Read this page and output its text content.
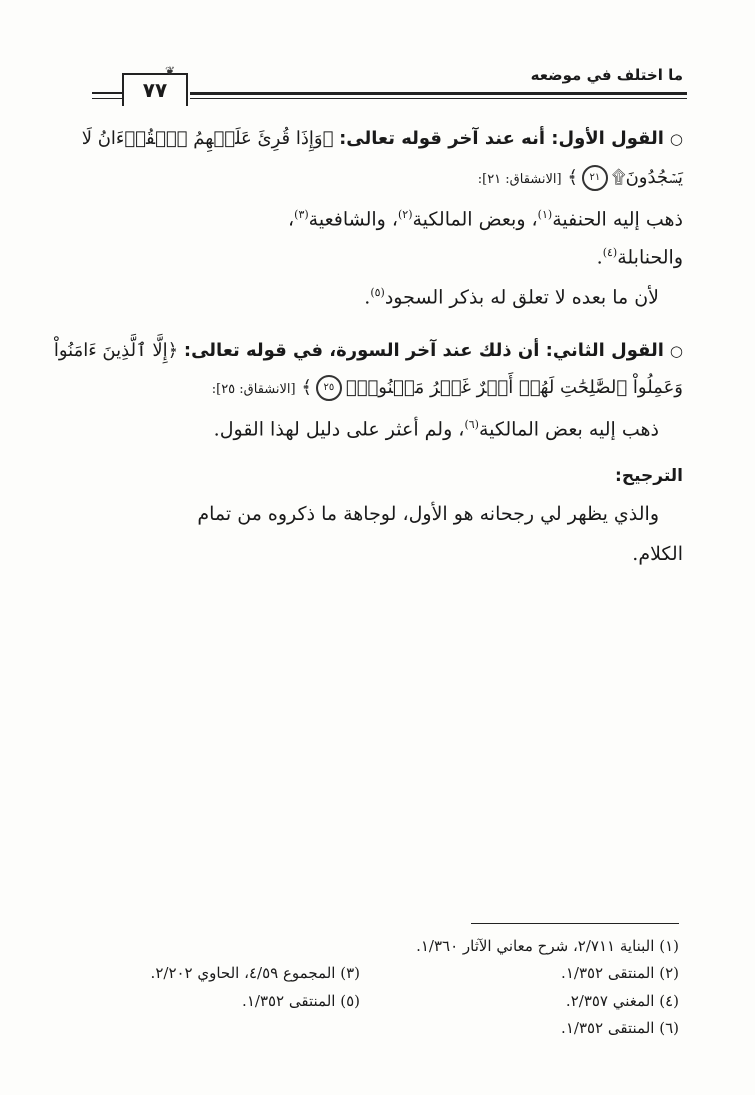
ما اختلف في موضعه
٧٧
❦
○القول الأول: أنه عند آخر قوله تعالى: ﴿وَإِذَا قُرِئَ عَلَيۡهِمُ ٱلۡقُرۡءَانُ لَا
يَسۡجُدُونَ۩٢١﴾ [الانشقاق: ٢١]:
ذهب إليه الحنفية$^{(١)}$، وبعض المالكية$^{(٢)}$، والشافعية$^{(٣)}$،
والحنابلة$^{(٤)}$.
لأن ما بعده لا تعلق له بذكر السجود$^{(٥)}$.
○القول الثاني: أن ذلك عند آخر السورة، في قوله تعالى: ﴿إِلَّا ٱلَّذِينَ ءَامَنُواْ
وَعَمِلُواْ ٱلصَّٰلِحَٰتِ لَهُمۡ أَجۡرٌ غَيۡرُ مَمۡنُونِۭ٢٥﴾ [الانشقاق: ٢٥]:
ذهب إليه بعض المالكية$^{(٦)}$، ولم أعثر على دليل لهذا القول.
الترجيح:
والذي يظهر لي رجحانه هو الأول، لوجاهة ما ذكروه من تمام
الكلام.
(١) البناية ٢/٧١١، شرح معاني الآثار ١/٣٦٠.
(٢) المنتقى ١/٣٥٢.
(٣) المجموع ٤/٥٩، الحاوي ٢/٢٠٢.
(٤) المغني ٢/٣٥٧.
(٥) المنتقى ١/٣٥٢.
(٦) المنتقى ١/٣٥٢.
